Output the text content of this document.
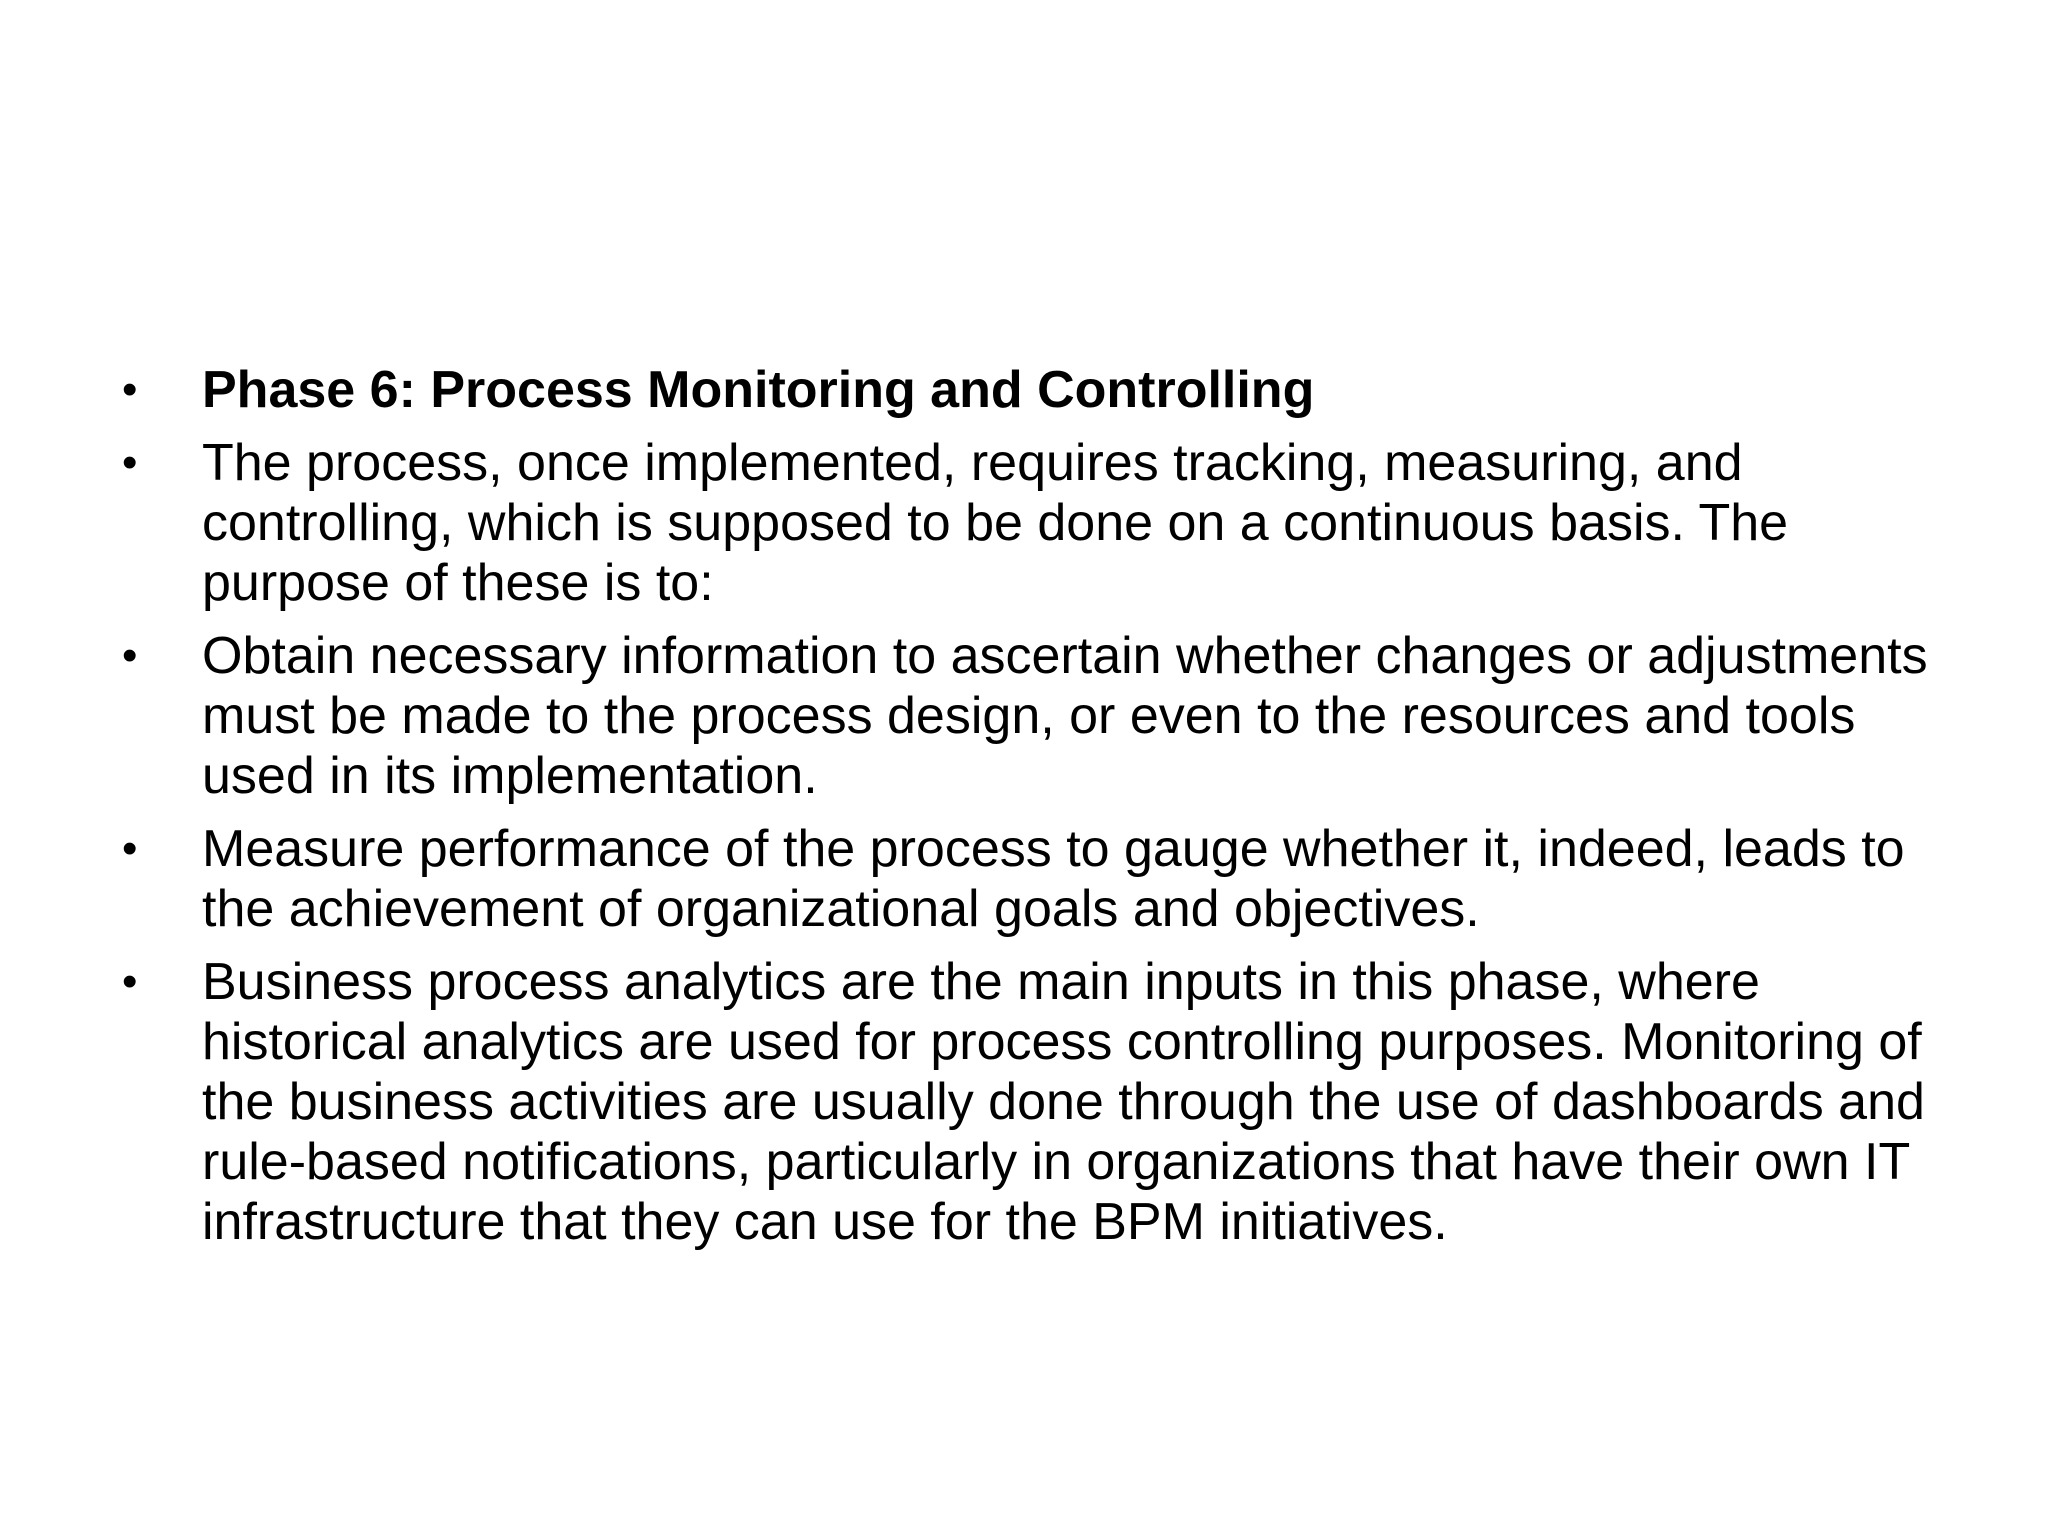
•	Phase 6: Process Monitoring and Controlling
•	The process, once implemented, requires tracking, measuring, and controlling, which is supposed to be done on a continuous basis. The purpose of these is to:
•	Obtain necessary information to ascertain whether changes or adjustments must be made to the process design, or even to the resources and tools used in its implementation.
•	Measure performance of the process to gauge whether it, indeed, leads to the achievement of organizational goals and objectives.
•	Business process analytics are the main inputs in this phase, where historical analytics are used for process controlling purposes. Monitoring of the business activities are usually done through the use of dashboards and rule-based notifications, particularly in organizations that have their own IT infrastructure that they can use for the BPM initiatives.
